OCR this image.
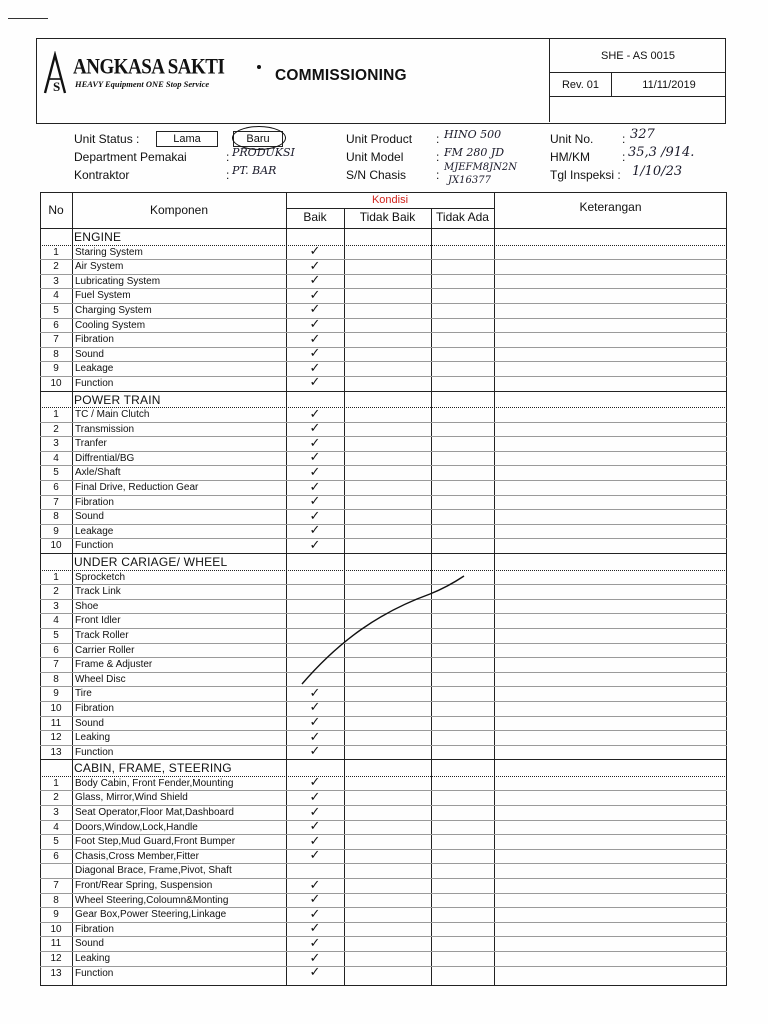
S
ANGKASA SAKTI
HEAVY Equipment ONE Stop Service	COMMISSIONING
SHE - AS 0015
Rev. 01	11/11/2019
Unit Status :	Lama	Baru
Department Pemakai	: PRODUKSI
Kontraktor	: PT. BAR
Unit Product : HINO 500
Unit Model	: FM 280 JD
S/N Chasis :
MJEFM8JN2N
JX16377
Unit No. : 327
HM/KM	: 35,3 /914.
Tgl Inspeksi : 1/10/23
No	Komponen
Kondisi
Baik	Tidak Baik	Tidak Ada
Keterangan
ENGINE
1	Staring System	✓
2	Air System	✓
3	Lubricating System	✓
4	Fuel System	✓
5	Charging System	✓
6	Cooling System	✓
7	Fibration	✓
8	Sound	✓
9	Leakage	✓
10	Function	✓
POWER TRAIN
1	TC / Main Clutch	✓
2	Transmission	✓
3	Tranfer	✓
4	Diffrential/BG	✓
5	Axle/Shaft	✓
6	Final Drive, Reduction Gear	✓
7	Fibration	✓
8	Sound	✓
9	Leakage	✓
10	Function	✓
UNDER CARIAGE/ WHEEL
1	Sprocketch
2	Track Link
3	Shoe
4	Front Idler
5	Track Roller
6	Carrier Roller
7	Frame & Adjuster
8	Wheel Disc
9	Tire	✓
10	Fibration	✓
11	Sound	✓
12	Leaking	✓
13	Function	✓
CABIN, FRAME, STEERING
1	Body Cabin, Front Fender,Mounting	✓
2	Glass, Mirror,Wind Shield	✓
3	Seat Operator,Floor Mat,Dashboard	✓
4	Doors,Window,Lock,Handle	✓
5	Foot Step,Mud Guard,Front Bumper	✓
6	Chasis,Cross Member,Fitter	✓
Diagonal Brace, Frame,Pivot, Shaft
7	Front/Rear Spring, Suspension	✓
8	Wheel Steering,Coloumn&Monting	✓
9	Gear Box,Power Steering,Linkage	✓
10	Fibration	✓
11	Sound	✓
12	Leaking	✓
13	Function	✓
